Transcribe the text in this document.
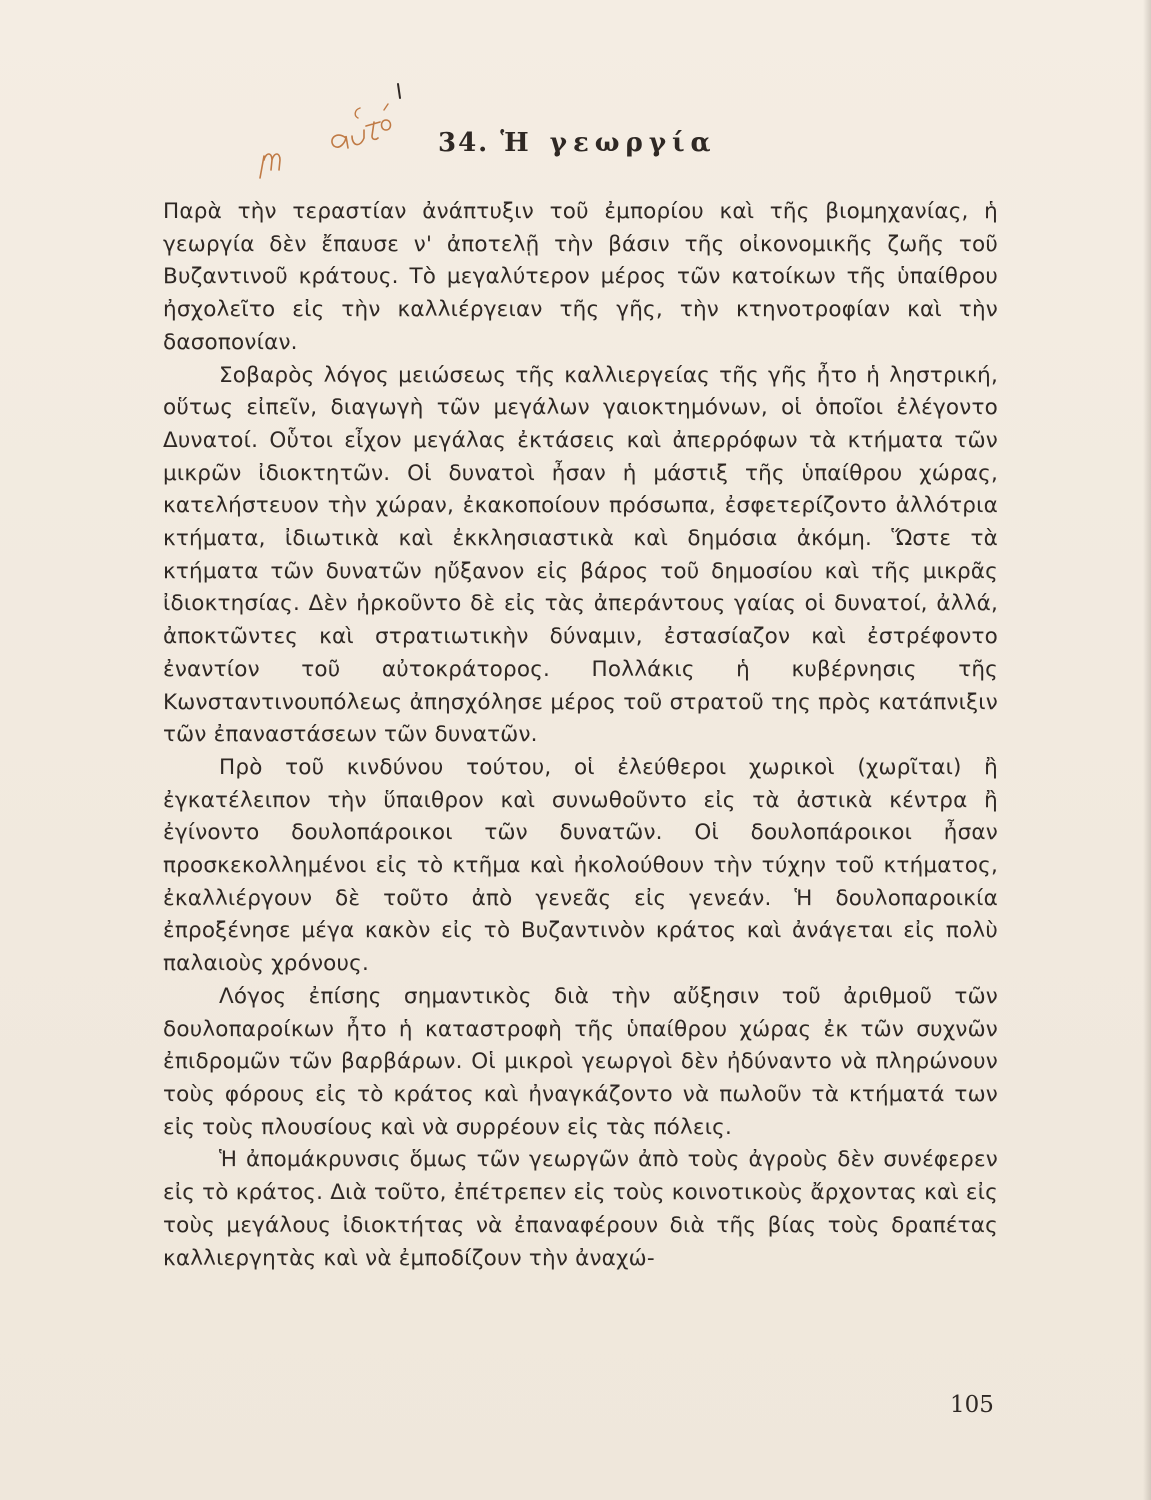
34. Ἡ γεωργία

Παρὰ τὴν τεραστίαν ἀνάπτυξιν τοῦ ἐμπορίου καὶ τῆς βιομηχανίας, ἡ γεωργία δὲν ἔπαυσε ν' ἀποτελῇ τὴν βάσιν τῆς οἰκονομικῆς ζωῆς τοῦ Βυζαντινοῦ κράτους. Τὸ μεγαλύτερον μέρος τῶν κατοίκων τῆς ὑπαίθρου ἠσχολεῖτο εἰς τὴν καλλιέργειαν τῆς γῆς, τὴν κτηνοτροφίαν καὶ τὴν δασοπονίαν.

Σοβαρὸς λόγος μειώσεως τῆς καλλιεργείας τῆς γῆς ἦτο ἡ ληστρική, οὕτως εἰπεῖν, διαγωγὴ τῶν μεγάλων γαιοκτημόνων, οἱ ὁποῖοι ἐλέγοντο Δυνατοί. Οὗτοι εἶχον μεγάλας ἐκτάσεις καὶ ἀπερρόφων τὰ κτήματα τῶν μικρῶν ἰδιοκτητῶν. Οἱ δυνατοὶ ἦσαν ἡ μάστιξ τῆς ὑπαίθρου χώρας, κατελήστευον τὴν χώραν, ἐκακοποίουν πρόσωπα, ἐσφετερίζοντο ἀλλότρια κτήματα, ἰδιωτικὰ καὶ ἐκκλησιαστικὰ καὶ δημόσια ἀκόμη. Ὥστε τὰ κτήματα τῶν δυνατῶν ηὔξανον εἰς βάρος τοῦ δημοσίου καὶ τῆς μικρᾶς ἰδιοκτησίας. Δὲν ἠρκοῦντο δὲ εἰς τὰς ἀπεράντους γαίας οἱ δυνατοί, ἀλλά, ἀποκτῶντες καὶ στρατιωτικὴν δύναμιν, ἐστασίαζον καὶ ἐστρέφοντο ἐναντίον τοῦ αὐτοκράτορος. Πολλάκις ἡ κυβέρνησις τῆς Κωνσταντινουπόλεως ἀπησχόλησε μέρος τοῦ στρατοῦ της πρὸς κατάπνιξιν τῶν ἐπαναστάσεων τῶν δυνατῶν.

Πρὸ τοῦ κινδύνου τούτου, οἱ ἐλεύθεροι χωρικοὶ (χωρῖται) ἢ ἐγκατέλειπον τὴν ὕπαιθρον καὶ συνωθοῦντο εἰς τὰ ἀστικὰ κέντρα ἢ ἐγίνοντο δουλοπάροικοι τῶν δυνατῶν. Οἱ δουλοπάροικοι ἦσαν προσκεκολλημένοι εἰς τὸ κτῆμα καὶ ἠκολούθουν τὴν τύχην τοῦ κτήματος, ἐκαλλιέργουν δὲ τοῦτο ἀπὸ γενεᾶς εἰς γενεάν. Ἡ δουλοπαροικία ἐπροξένησε μέγα κακὸν εἰς τὸ Βυζαντινὸν κράτος καὶ ἀνάγεται εἰς πολὺ παλαιοὺς χρόνους.

Λόγος ἐπίσης σημαντικὸς διὰ τὴν αὔξησιν τοῦ ἀριθμοῦ τῶν δουλοπαροίκων ἦτο ἡ καταστροφὴ τῆς ὑπαίθρου χώρας ἐκ τῶν συχνῶν ἐπιδρομῶν τῶν βαρβάρων. Οἱ μικροὶ γεωργοὶ δὲν ἠδύναντο νὰ πληρώνουν τοὺς φόρους εἰς τὸ κράτος καὶ ἠναγκάζοντο νὰ πωλοῦν τὰ κτήματά των εἰς τοὺς πλουσίους καὶ νὰ συρρέουν εἰς τὰς πόλεις.

Ἡ ἀπομάκρυνσις ὅμως τῶν γεωργῶν ἀπὸ τοὺς ἀγροὺς δὲν συνέφερεν εἰς τὸ κράτος. Διὰ τοῦτο, ἐπέτρεπεν εἰς τοὺς κοινοτικοὺς ἄρχοντας καὶ εἰς τοὺς μεγάλους ἰδιοκτήτας νὰ ἐπαναφέρουν διὰ τῆς βίας τοὺς δραπέτας καλλιεργητὰς καὶ νὰ ἐμποδίζουν τὴν ἀναχώ-

105
